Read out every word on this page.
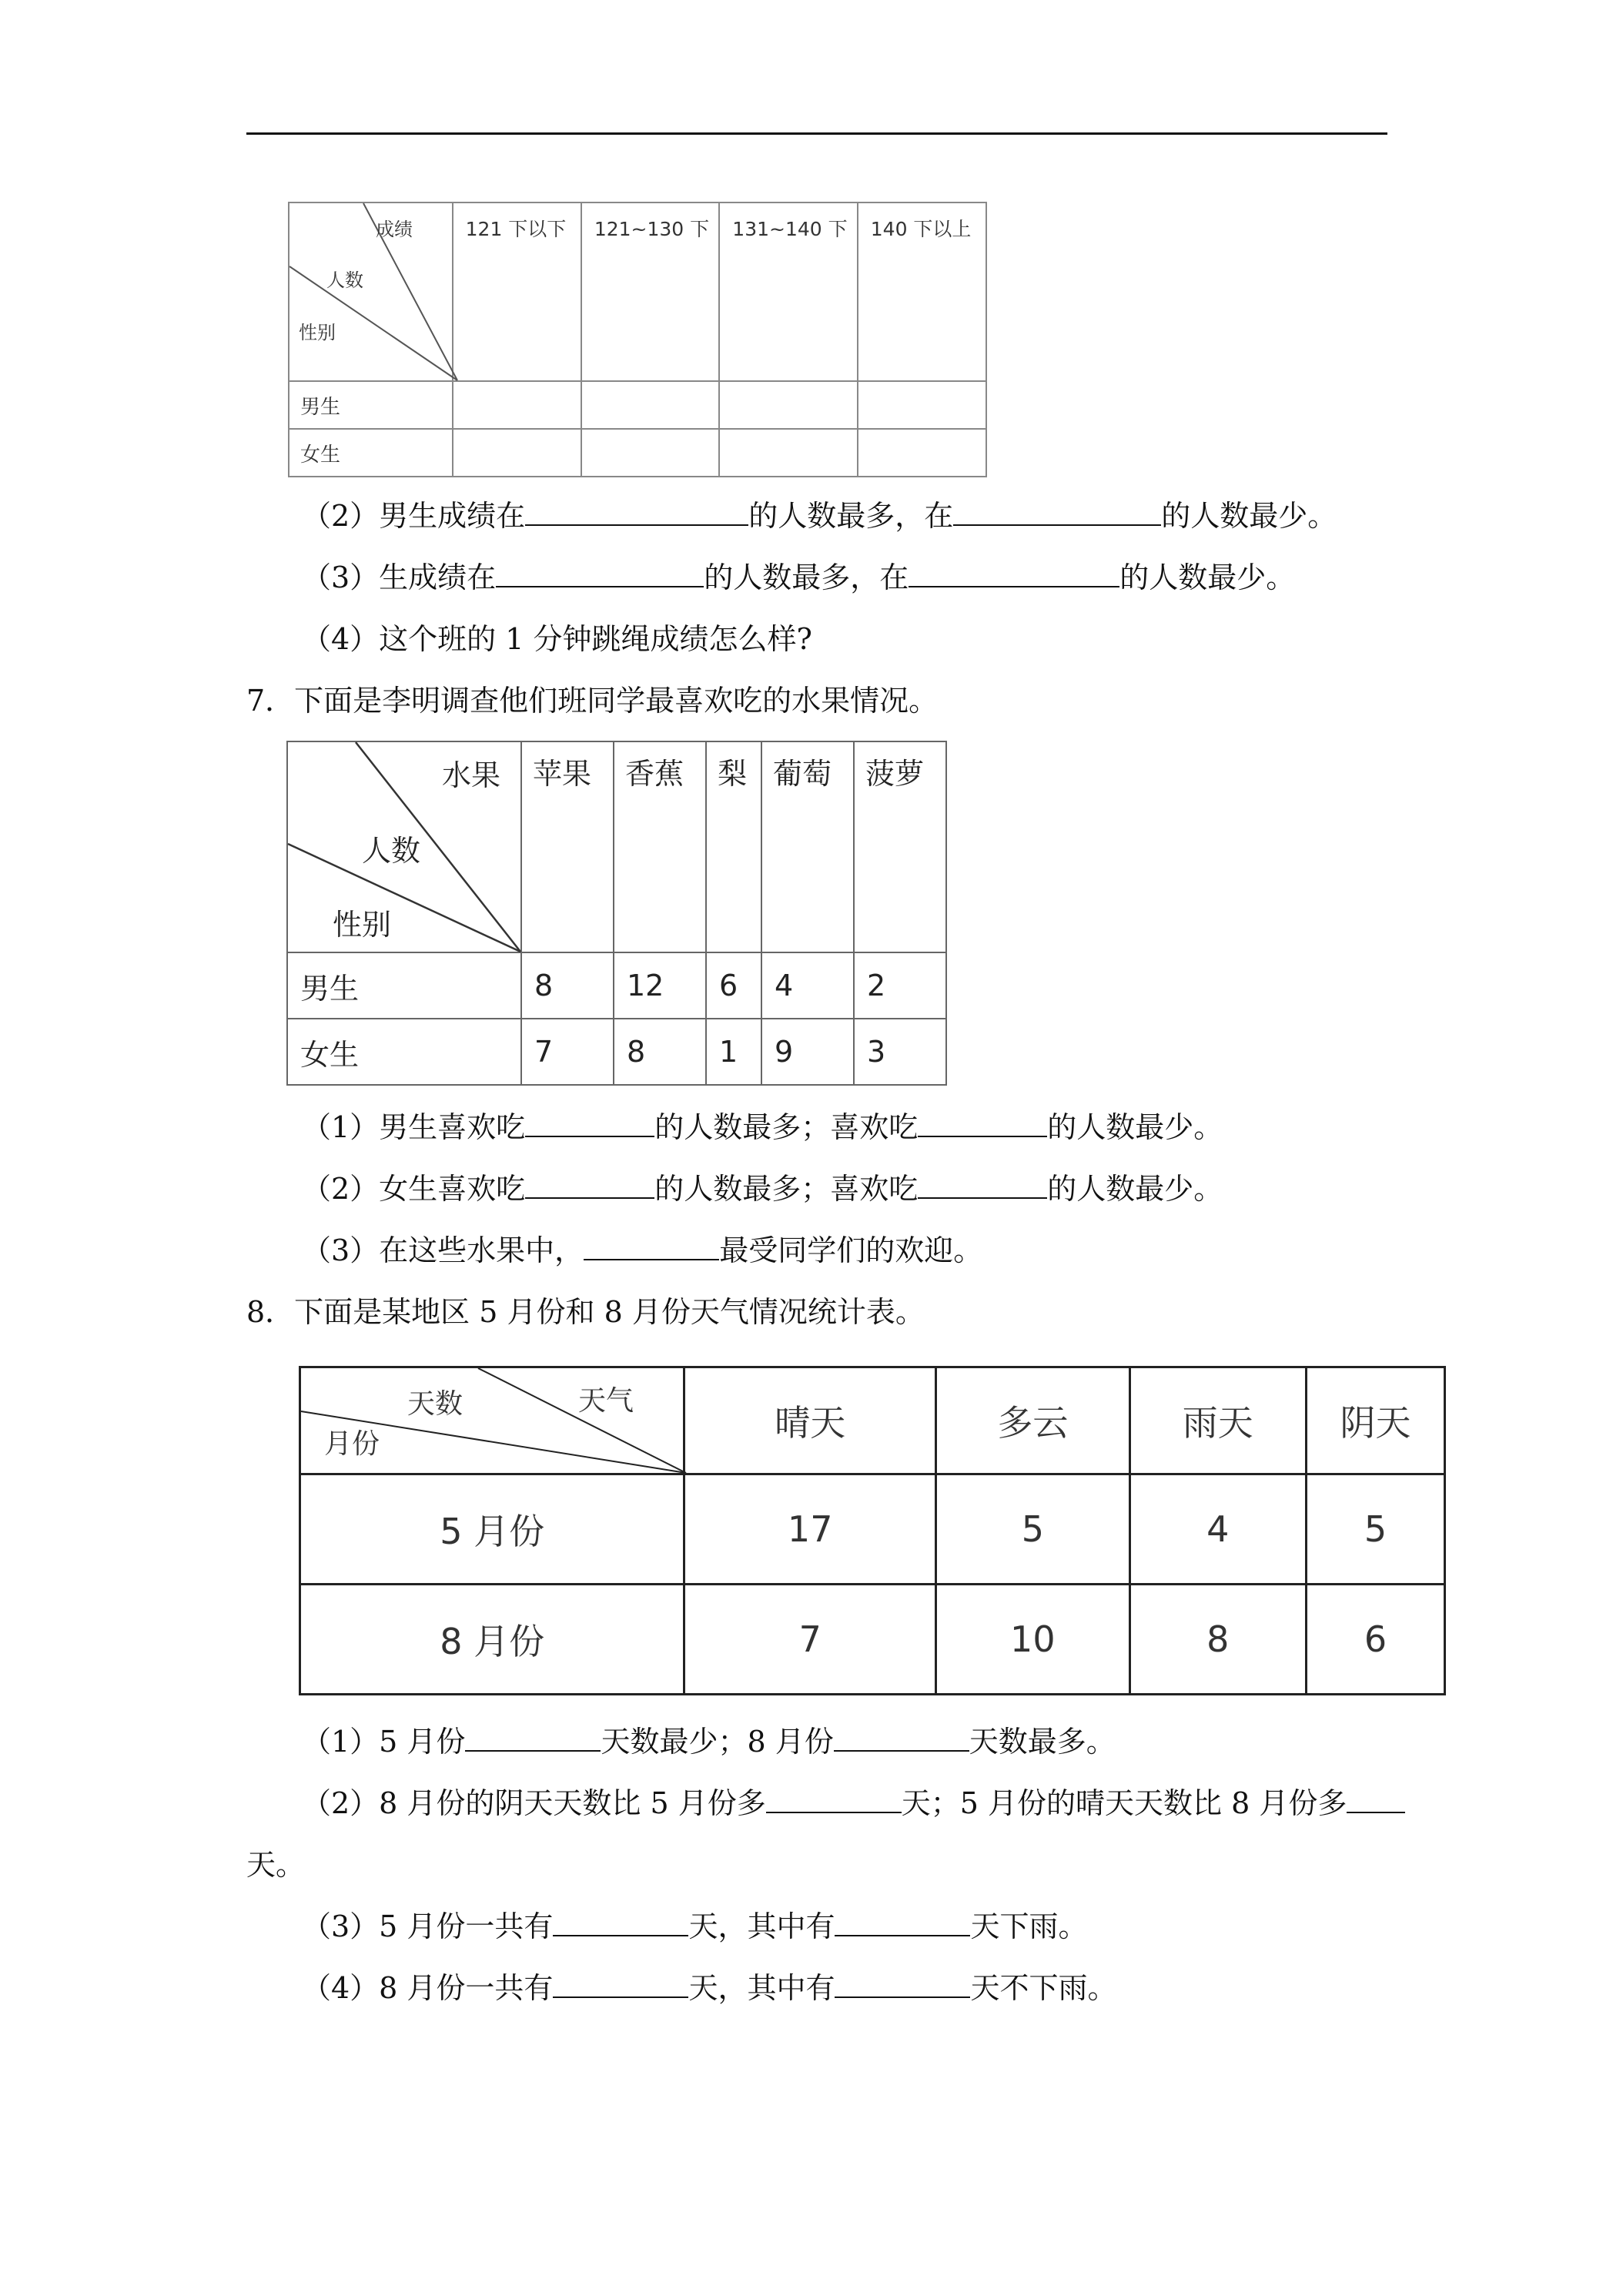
成绩
人数
性别	121 下以下	121~130 下	131~140 下	140 下以上

男生				
女生				
（2）男生成绩在	的人数最多，在	的人数最少。
（3）生成绩在	的人数最多，在	的人数最少。
（4）这个班的 1 分钟跳绳成绩怎么样?
7．下面是李明调查他们班同学最喜欢吃的水果情况。
水果
人数
性别	苹果	香蕉	梨	葡萄	菠萝

男生	8	12	6	4	2
女生	7	8	1	9	3
（1）男生喜欢吃	的人数最多；喜欢吃	的人数最少。
（2）女生喜欢吃	的人数最多；喜欢吃	的人数最少。
（3）在这些水果中，	最受同学们的欢迎。
8．下面是某地区 5 月份和 8 月份天气情况统计表。
天数 天气
月份	晴天	多云	雨天	阴天
5 月份	17	5	4	5
8 月份	7	10	8	6
（1）5 月份	天数最少；8 月份	天数最多。
（2）8 月份的阴天天数比 5 月份多	天；5 月份的晴天天数比 8 月份多
天。
（3）5 月份一共有	天，其中有	天下雨。
（4）8 月份一共有	天，其中有	天不下雨。
